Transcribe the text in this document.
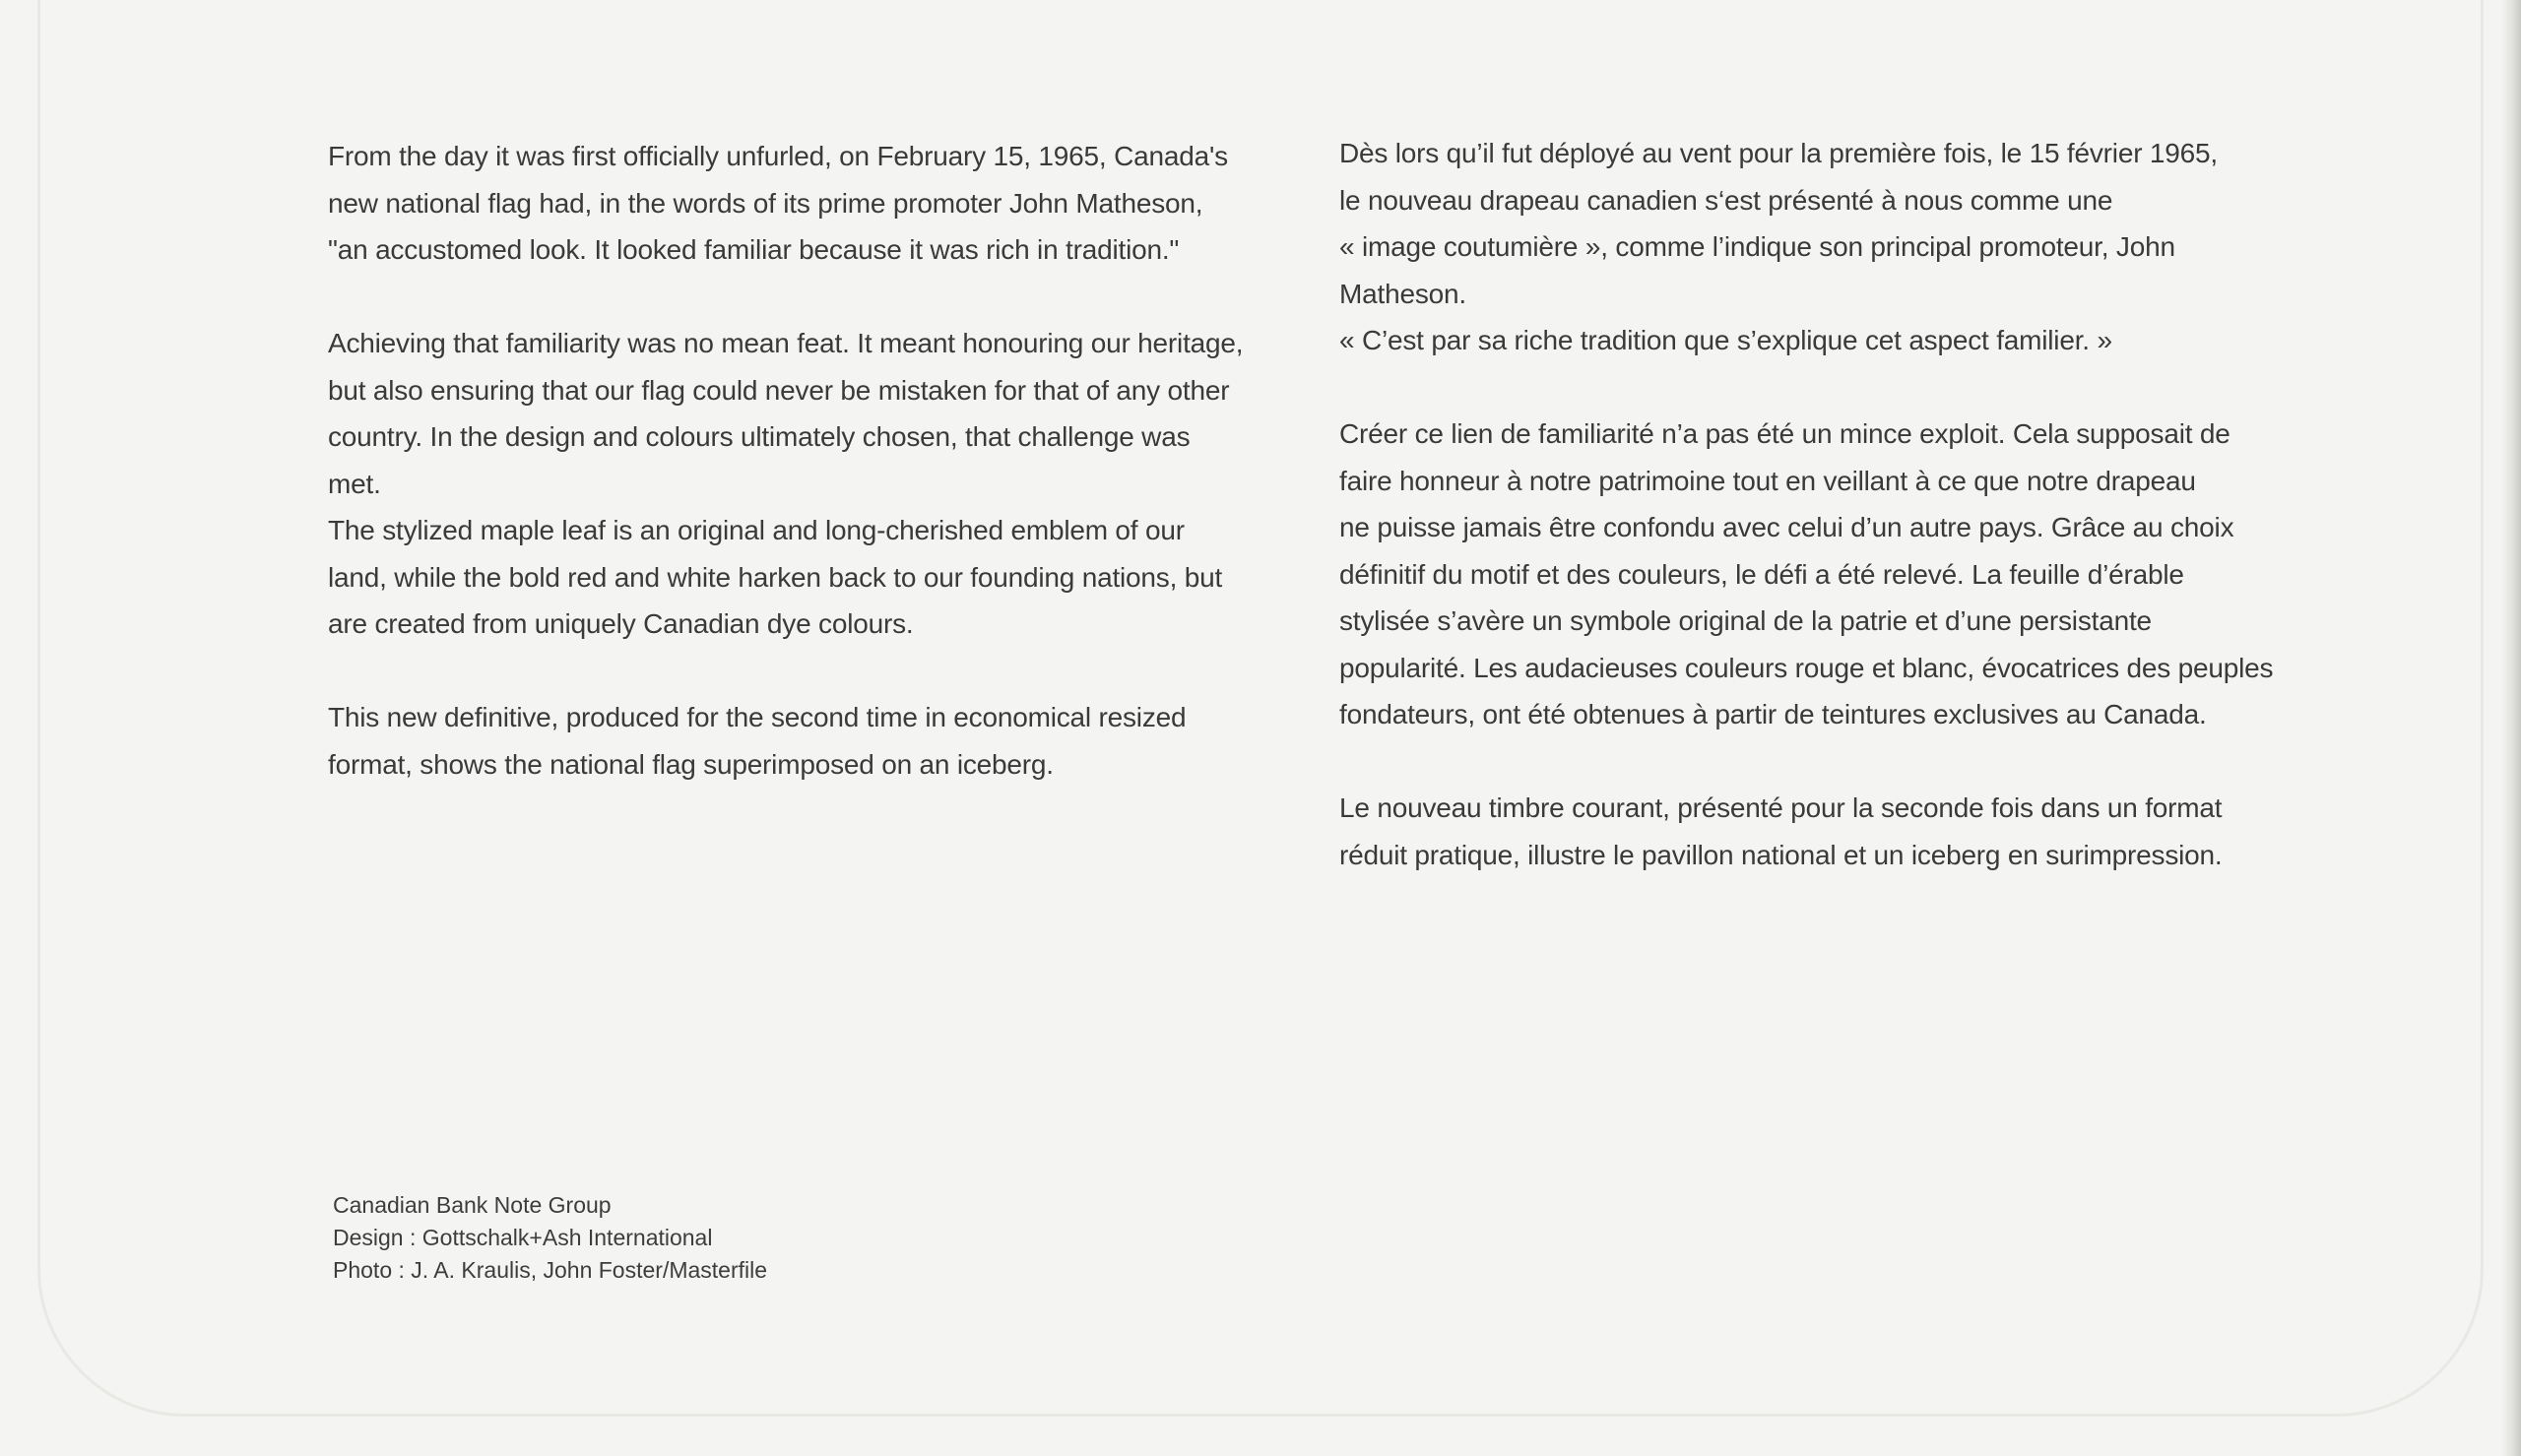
From the day it was first officially unfurled, on February 15, 1965, Canada's
new national flag had, in the words of its prime promoter John Matheson,
"an accustomed look. It looked familiar because it was rich in tradition."

Achieving that familiarity was no mean feat. It meant honouring our heritage,
but also ensuring that our flag could never be mistaken for that of any other
country. In the design and colours ultimately chosen, that challenge was met.
The stylized maple leaf is an original and long-cherished emblem of our
land, while the bold red and white harken back to our founding nations, but
are created from uniquely Canadian dye colours.

This new definitive, produced for the second time in economical resized
format, shows the national flag superimposed on an iceberg.

Dès lors qu’il fut déployé au vent pour la première fois, le 15 février 1965,
le nouveau drapeau canadien s‘est présenté à nous comme une
« image coutumière », comme l’indique son principal promoteur, John Matheson.
« C’est par sa riche tradition que s’explique cet aspect familier. »

Créer ce lien de familiarité n’a pas été un mince exploit. Cela supposait de
faire honneur à notre patrimoine tout en veillant à ce que notre drapeau
ne puisse jamais être confondu avec celui d’un autre pays. Grâce au choix
définitif du motif et des couleurs, le défi a été relevé. La feuille d’érable
stylisée s’avère un symbole original de la patrie et d’une persistante
popularité. Les audacieuses couleurs rouge et blanc, évocatrices des peuples
fondateurs, ont été obtenues à partir de teintures exclusives au Canada.

Le nouveau timbre courant, présenté pour la seconde fois dans un format
réduit pratique, illustre le pavillon national et un iceberg en surimpression.

Canadian Bank Note Group
Design : Gottschalk+Ash International
Photo : J. A. Kraulis, John Foster/Masterfile
